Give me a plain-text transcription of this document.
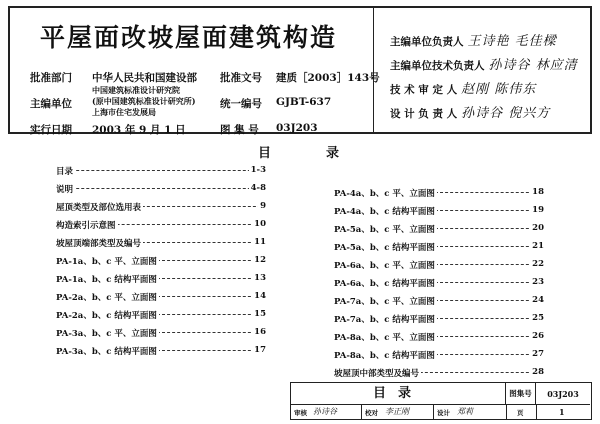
平屋面改坡屋面建筑构造
批准部门 中华人民共和国建设部 批准文号 建质［2003］143号
主编单位
中国建筑标准设计研究院
(原中国建筑标准设计研究所)
上海市住宅发展局
统一编号 GJBT-637
实行日期 2003 年 9 月 1 日	图 集 号 03J203
主编单位负责人 王诗艳 毛佳樑
主编单位技术负责人 孙诗谷 林应清
技 术 审 定 人 赵刚 陈伟东
设 计 负 责 人 孙诗谷 倪兴方
目	录
目录	1-3
说明	4-8
屋顶类型及部位选用表	9
构造索引示意图	10
坡屋顶端部类型及编号	11
PA-1a、b、c 平、立面图	12
PA-1a、b、c 结构平面图	13
PA-2a、b、c 平、立面图	14
PA-2a、b、c 结构平面图	15
PA-3a、b、c 平、立面图	16
PA-3a、b、c 结构平面图	17
PA-4a、b、c 平、立面图	18
PA-4a、b、c 结构平面图	19
PA-5a、b、c 平、立面图	20
PA-5a、b、c 结构平面图	21
PA-6a、b、c 平、立面图	22
PA-6a、b、c 结构平面图	23
PA-7a、b、c 平、立面图	24
PA-7a、b、c 结构平面图	25
PA-8a、b、c 平、立面图	26
PA-8a、b、c 结构平面图	27
坡屋顶中部类型及编号	28
目录	图集号	03J203
审核 孙诗谷	校对 李正刚	设计 郑莉	页	1
